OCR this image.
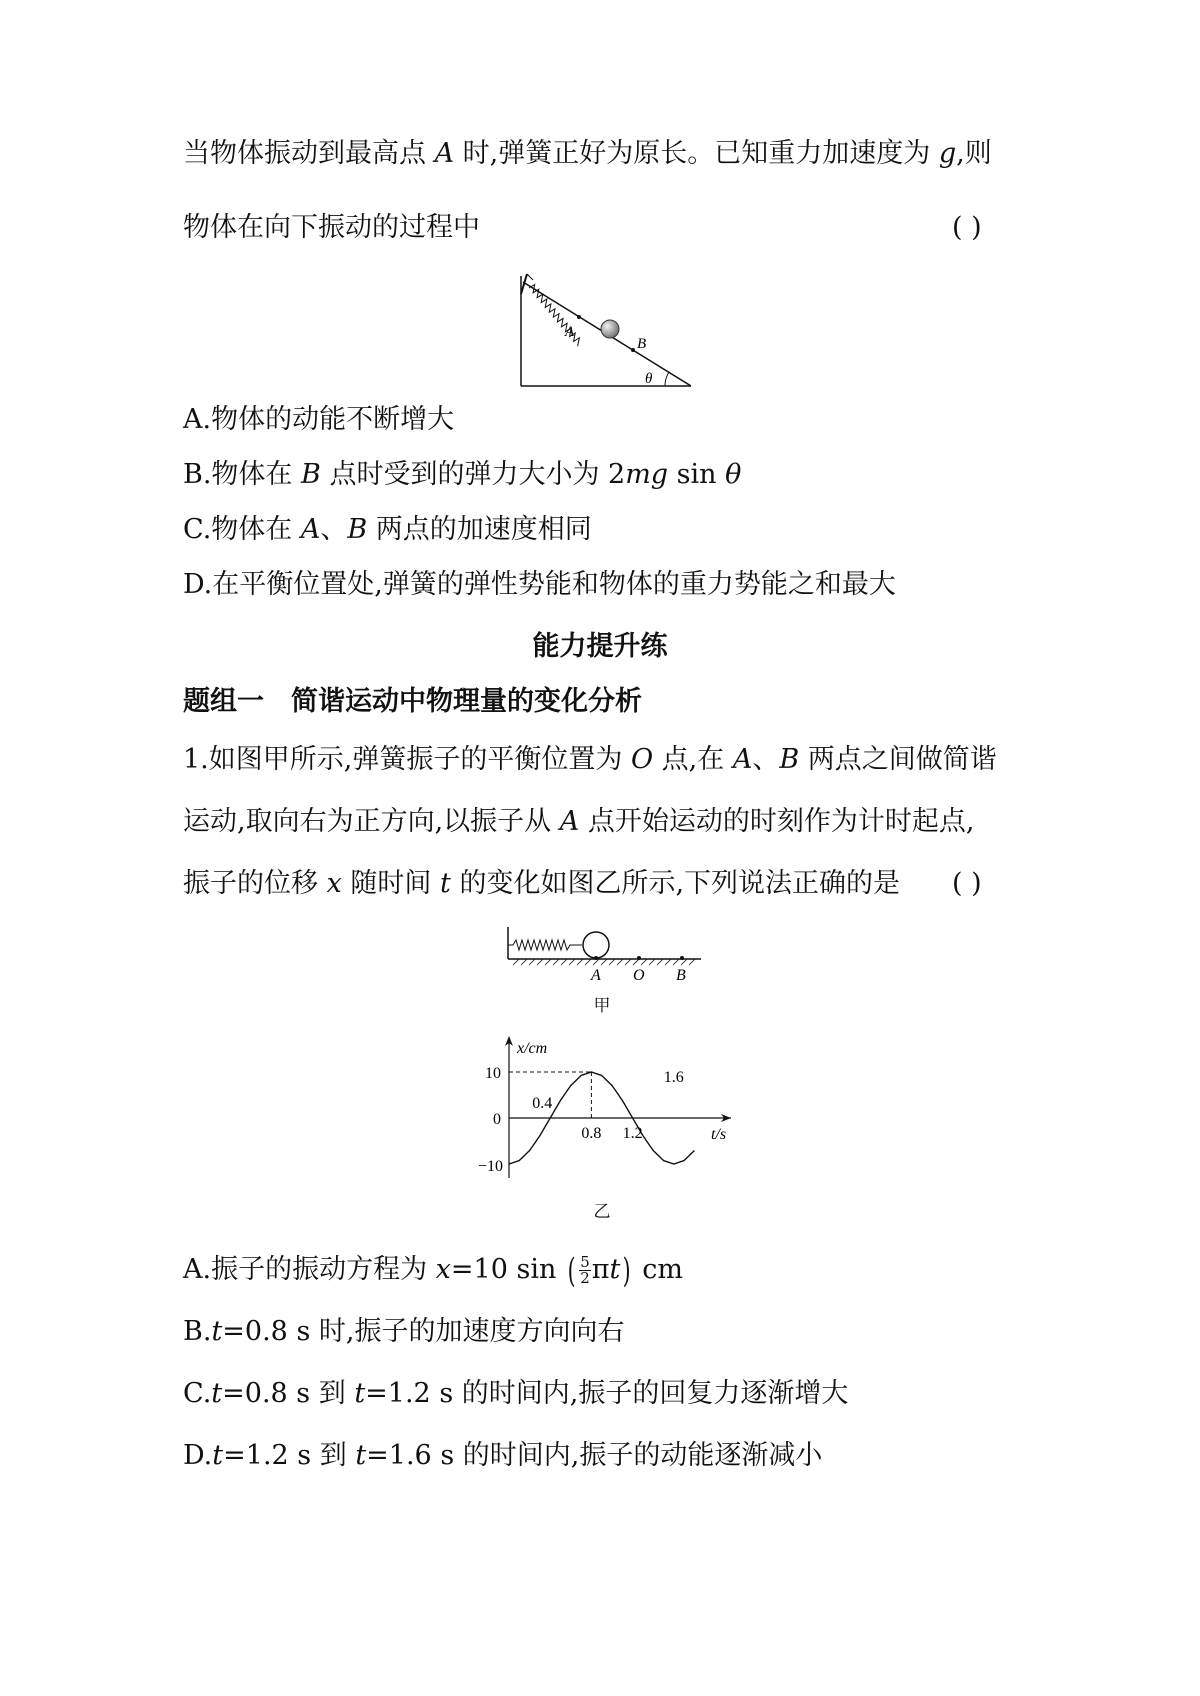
当物体振动到最高点 A 时,弹簧正好为原长。已知重力加速度为 g,则
物体在向下振动的过程中	( )
A
B
θ
A.物体的动能不断增大
B.物体在 B 点时受到的弹力大小为 2mg sin θ
C.物体在 A、B 两点的加速度相同
D.在平衡位置处,弹簧的弹性势能和物体的重力势能之和最大
能力提升练
题组一　简谐运动中物理量的变化分析
1.如图甲所示,弹簧振子的平衡位置为 O 点,在 A、B 两点之间做简谐
运动,取向右为正方向,以振子从 A 点开始运动的时刻作为计时起点,
振子的位移 x 随时间 t 的变化如图乙所示,下列说法正确的是 ( )
A O B
甲
x/cm
t/s
0.4
0.8 1.2
1.6
10
0
−10
乙
A.振子的振动方程为 x=10 sin ( $\frac{5}{2} \pi t$) cm
B.t=0.8 s 时,振子的加速度方向向右
C.t=0.8 s 到 t=1.2 s 的时间内,振子的回复力逐渐增大
D.t=1.2 s 到 t=1.6 s 的时间内,振子的动能逐渐减小
